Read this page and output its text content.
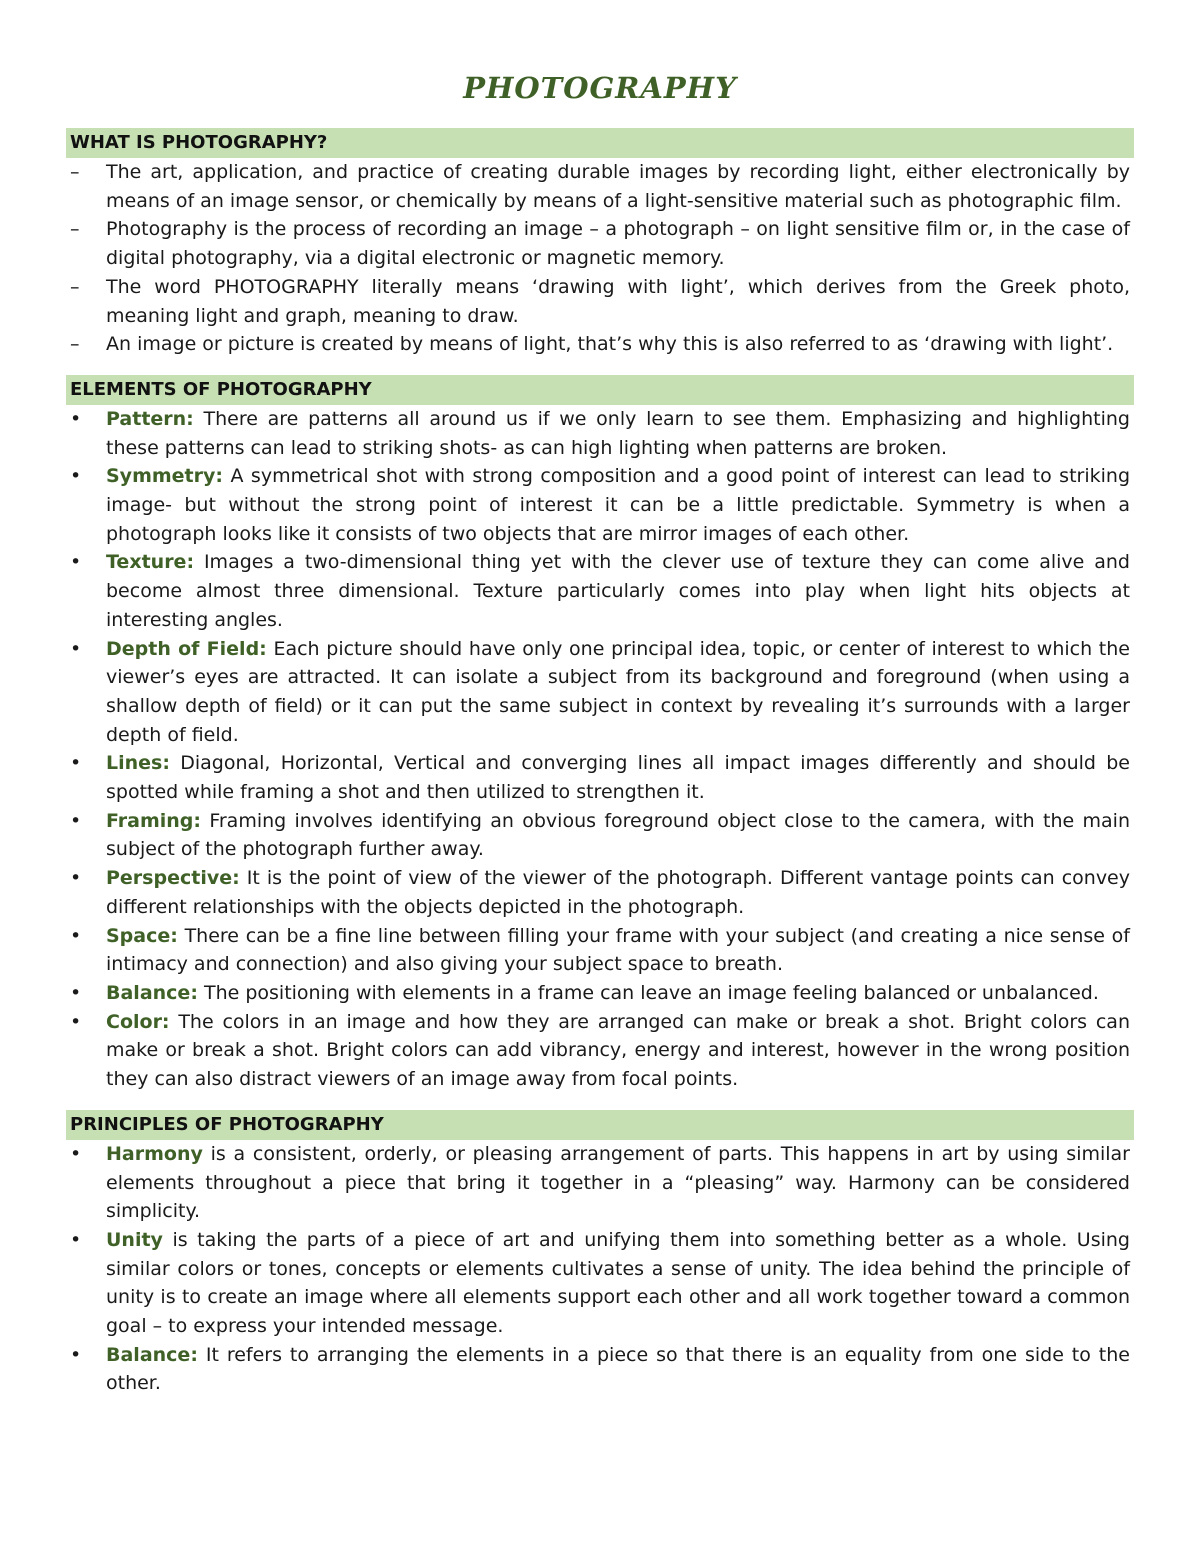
PHOTOGRAPHY
WHAT IS PHOTOGRAPHY?
–	The art, application, and practice of creating durable images by recording light, either electronically by means of an image sensor, or chemically by means of a light-sensitive material such as photographic film.
–	Photography is the process of recording an image – a photograph – on light sensitive film or, in the case of digital photography, via a digital electronic or magnetic memory.
–	The word PHOTOGRAPHY literally means ‘drawing with light’, which derives from the Greek photo, meaning light and graph, meaning to draw.
–	An image or picture is created by means of light, that’s why this is also referred to as ‘drawing with light’.
ELEMENTS OF PHOTOGRAPHY
•	Pattern: There are patterns all around us if we only learn to see them. Emphasizing and highlighting these patterns can lead to striking shots- as can high lighting when patterns are broken.
•	Symmetry: A symmetrical shot with strong composition and a good point of interest can lead to striking image- but without the strong point of interest it can be a little predictable. Symmetry is when a photograph looks like it consists of two objects that are mirror images of each other.
•	Texture: Images a two-dimensional thing yet with the clever use of texture they can come alive and become almost three dimensional. Texture particularly comes into play when light hits objects at interesting angles.
•	Depth of Field: Each picture should have only one principal idea, topic, or center of interest to which the viewer’s eyes are attracted. It can isolate a subject from its background and foreground (when using a shallow depth of field) or it can put the same subject in context by revealing it’s surrounds with a larger depth of field.
•	Lines: Diagonal, Horizontal, Vertical and converging lines all impact images differently and should be spotted while framing a shot and then utilized to strengthen it.
•	Framing: Framing involves identifying an obvious foreground object close to the camera, with the main subject of the photograph further away.
•	Perspective: It is the point of view of the viewer of the photograph. Different vantage points can convey different relationships with the objects depicted in the photograph.
•	Space: There can be a fine line between filling your frame with your subject (and creating a nice sense of intimacy and connection) and also giving your subject space to breath.
•	Balance: The positioning with elements in a frame can leave an image feeling balanced or unbalanced.
•	Color: The colors in an image and how they are arranged can make or break a shot. Bright colors can make or break a shot. Bright colors can add vibrancy, energy and interest, however in the wrong position they can also distract viewers of an image away from focal points.
PRINCIPLES OF PHOTOGRAPHY
•	Harmony is a consistent, orderly, or pleasing arrangement of parts. This happens in art by using similar elements throughout a piece that bring it together in a “pleasing” way. Harmony can be considered simplicity.
•	Unity is taking the parts of a piece of art and unifying them into something better as a whole. Using similar colors or tones, concepts or elements cultivates a sense of unity. The idea behind the principle of unity is to create an image where all elements support each other and all work together toward a common goal – to express your intended message.
•	Balance: It refers to arranging the elements in a piece so that there is an equality from one side to the other.
